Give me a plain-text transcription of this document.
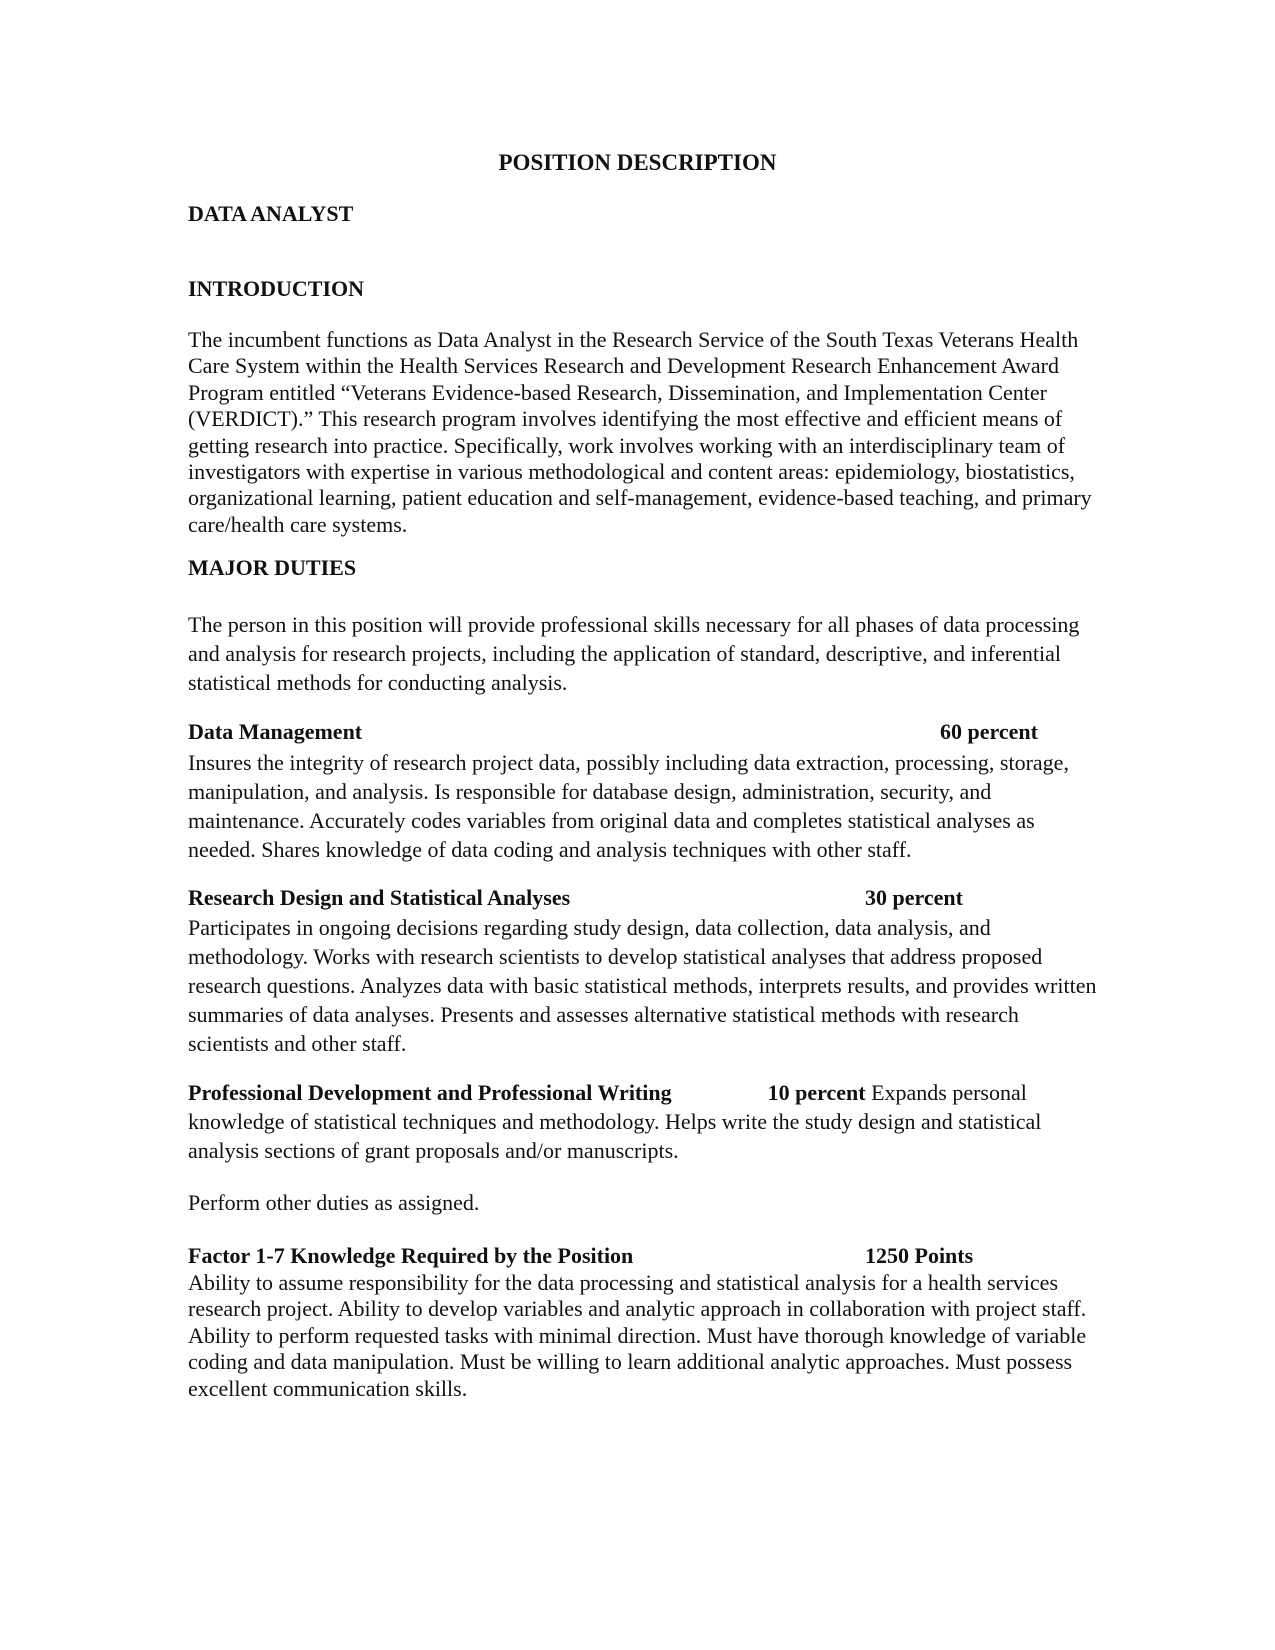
POSITION DESCRIPTION
DATA ANALYST
INTRODUCTION
The incumbent functions as Data Analyst in the Research Service of the South Texas Veterans Health Care System within the Health Services Research and Development Research Enhancement Award Program entitled “Veterans Evidence-based Research, Dissemination, and Implementation Center (VERDICT).” This research program involves identifying the most effective and efficient means of getting research into practice. Specifically, work involves working with an interdisciplinary team of investigators with expertise in various methodological and content areas: epidemiology, biostatistics, organizational learning, patient education and self-management, evidence-based teaching, and primary care/health care systems.
MAJOR DUTIES
The person in this position will provide professional skills necessary for all phases of data processing and analysis for research projects, including the application of standard, descriptive, and inferential statistical methods for conducting analysis.
Data Management	60 percent
Insures the integrity of research project data, possibly including data extraction, processing, storage, manipulation, and analysis. Is responsible for database design, administration, security, and maintenance. Accurately codes variables from original data and completes statistical analyses as needed. Shares knowledge of data coding and analysis techniques with other staff.
Research Design and Statistical Analyses	30 percent
Participates in ongoing decisions regarding study design, data collection, data analysis, and methodology. Works with research scientists to develop statistical analyses that address proposed research questions. Analyzes data with basic statistical methods, interprets results, and provides written summaries of data analyses. Presents and assesses alternative statistical methods with research scientists and other staff.
Professional Development and Professional Writing	10 percent Expands personal knowledge of statistical techniques and methodology. Helps write the study design and statistical analysis sections of grant proposals and/or manuscripts.
Perform other duties as assigned.
Factor 1-7 Knowledge Required by the Position	1250 Points
Ability to assume responsibility for the data processing and statistical analysis for a health services research project. Ability to develop variables and analytic approach in collaboration with project staff. Ability to perform requested tasks with minimal direction. Must have thorough knowledge of variable coding and data manipulation. Must be willing to learn additional analytic approaches. Must possess excellent communication skills.
